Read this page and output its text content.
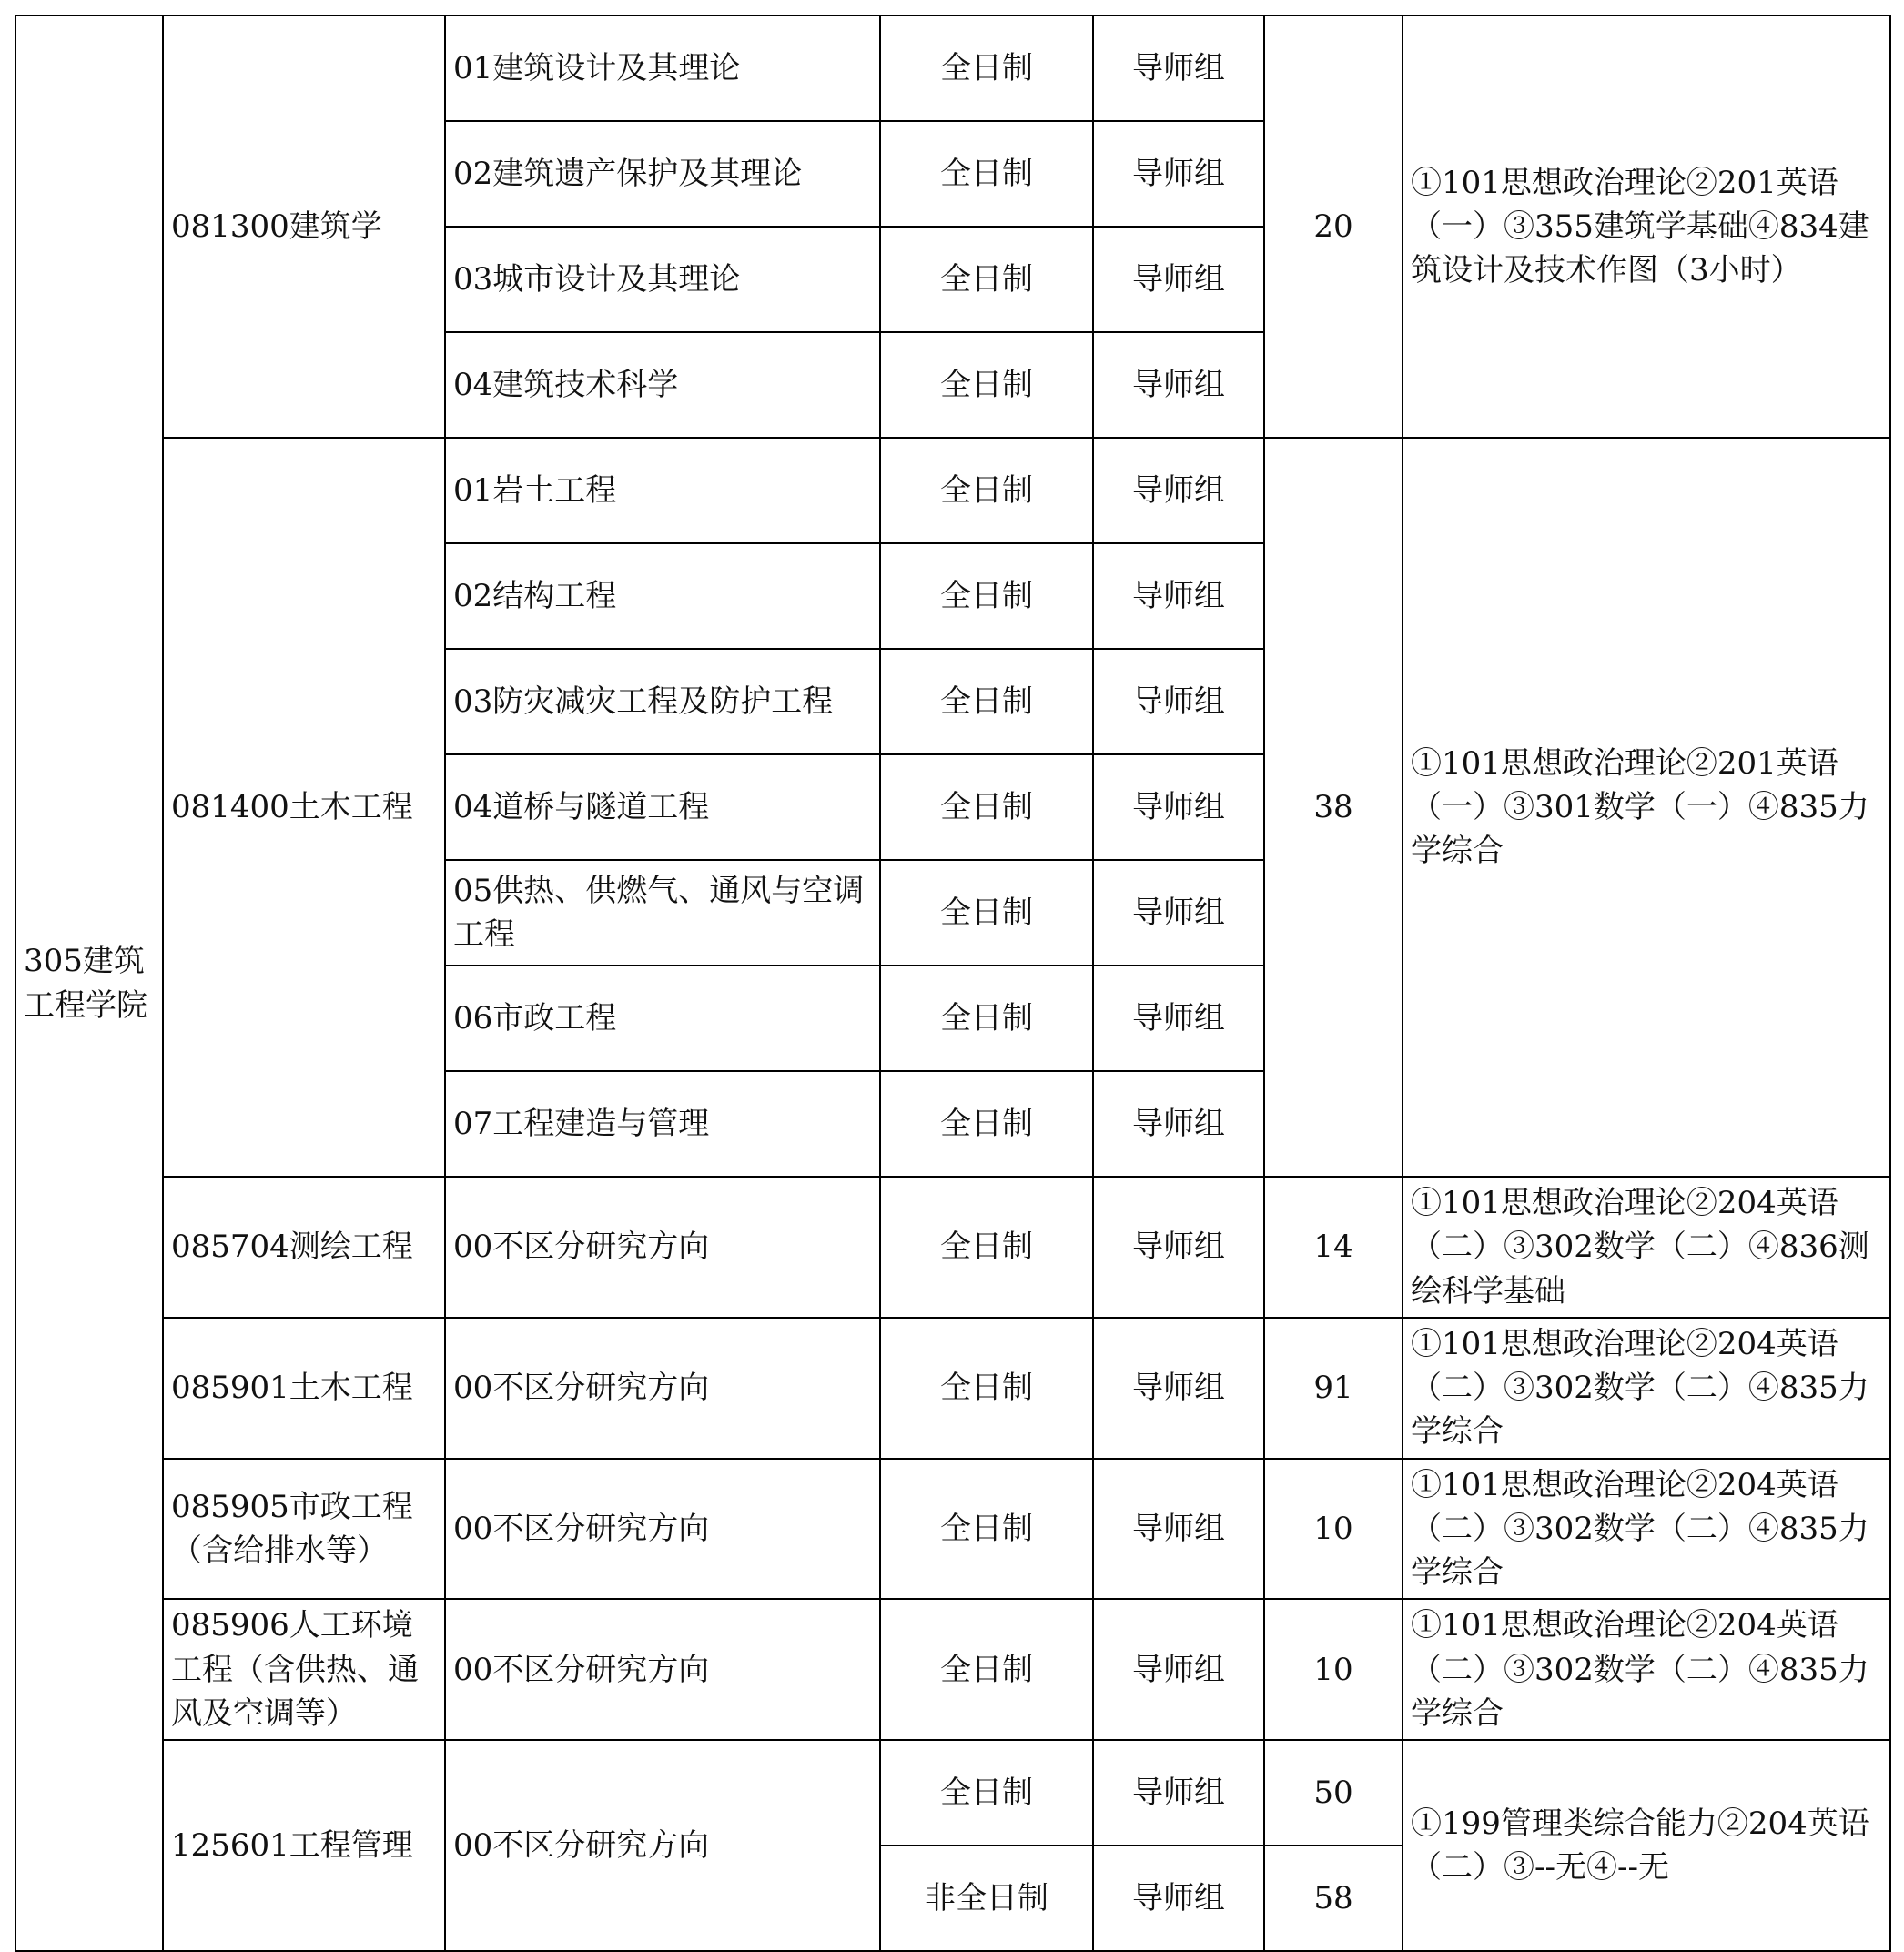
305建筑工程学院	081300建筑学	01建筑设计及其理论	全日制	导师组	20	①101思想政治理论②201英语（一）③355建筑学基础④834建筑设计及技术作图（3小时）
		02建筑遗产保护及其理论	全日制	导师组		
		03城市设计及其理论	全日制	导师组		
		04建筑技术科学	全日制	导师组		
	081400土木工程	01岩土工程	全日制	导师组	38	①101思想政治理论②201英语（一）③301数学（一）④835力学综合
		02结构工程	全日制	导师组		
		03防灾减灾工程及防护工程	全日制	导师组		
		04道桥与隧道工程	全日制	导师组		
		05供热、供燃气、通风与空调工程	全日制	导师组		
		06市政工程	全日制	导师组		
		07工程建造与管理	全日制	导师组		
	085704测绘工程	00不区分研究方向	全日制	导师组	14	①101思想政治理论②204英语（二）③302数学（二）④836测绘科学基础
	085901土木工程	00不区分研究方向	全日制	导师组	91	①101思想政治理论②204英语（二）③302数学（二）④835力学综合
	085905市政工程（含给排水等）	00不区分研究方向	全日制	导师组	10	①101思想政治理论②204英语（二）③302数学（二）④835力学综合
	085906人工环境工程（含供热、通风及空调等）	00不区分研究方向	全日制	导师组	10	①101思想政治理论②204英语（二）③302数学（二）④835力学综合
	125601工程管理	00不区分研究方向	全日制	导师组	50	①199管理类综合能力②204英语（二）③--无④--无
			非全日制	导师组	58	
